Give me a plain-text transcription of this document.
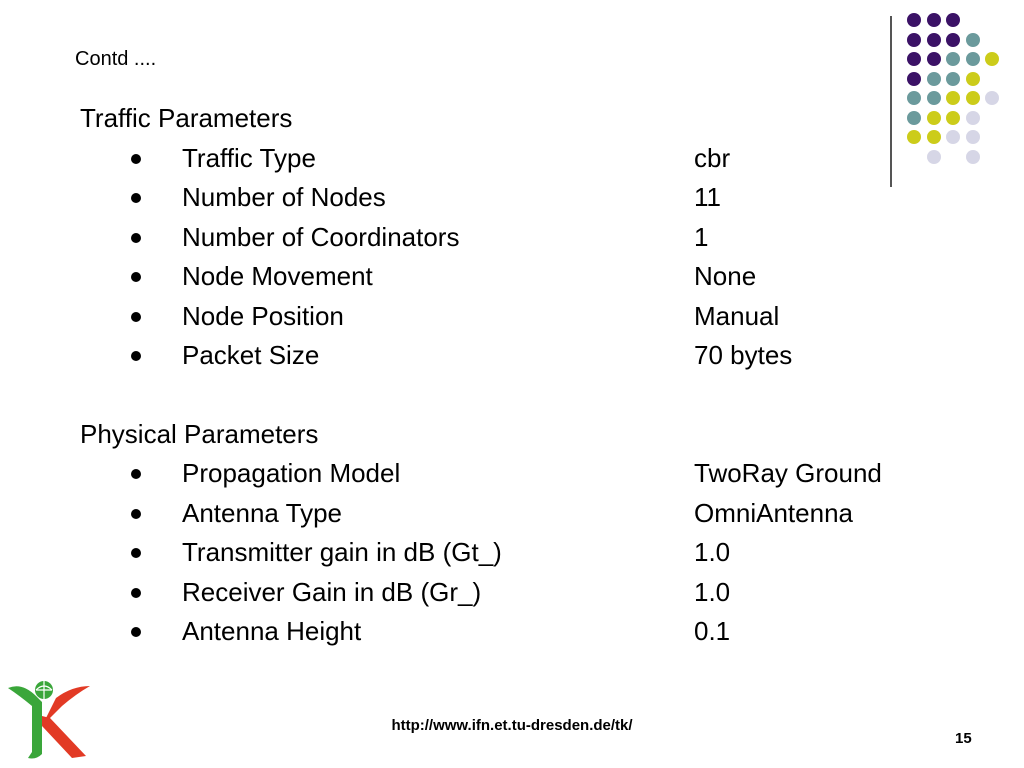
Contd ....
Traffic Parameters
Traffic Type	cbr
Number of Nodes	11
Number of Coordinators	1
Node Movement	None
Node Position	Manual
Packet Size	70 bytes
Physical Parameters
Propagation Model	TwoRay Ground
Antenna Type	OmniAntenna
Transmitter gain in dB (Gt_)	1.0
Receiver Gain in dB (Gr_)	1.0
Antenna Height	0.1
http://www.ifn.et.tu-dresden.de/tk/
15
